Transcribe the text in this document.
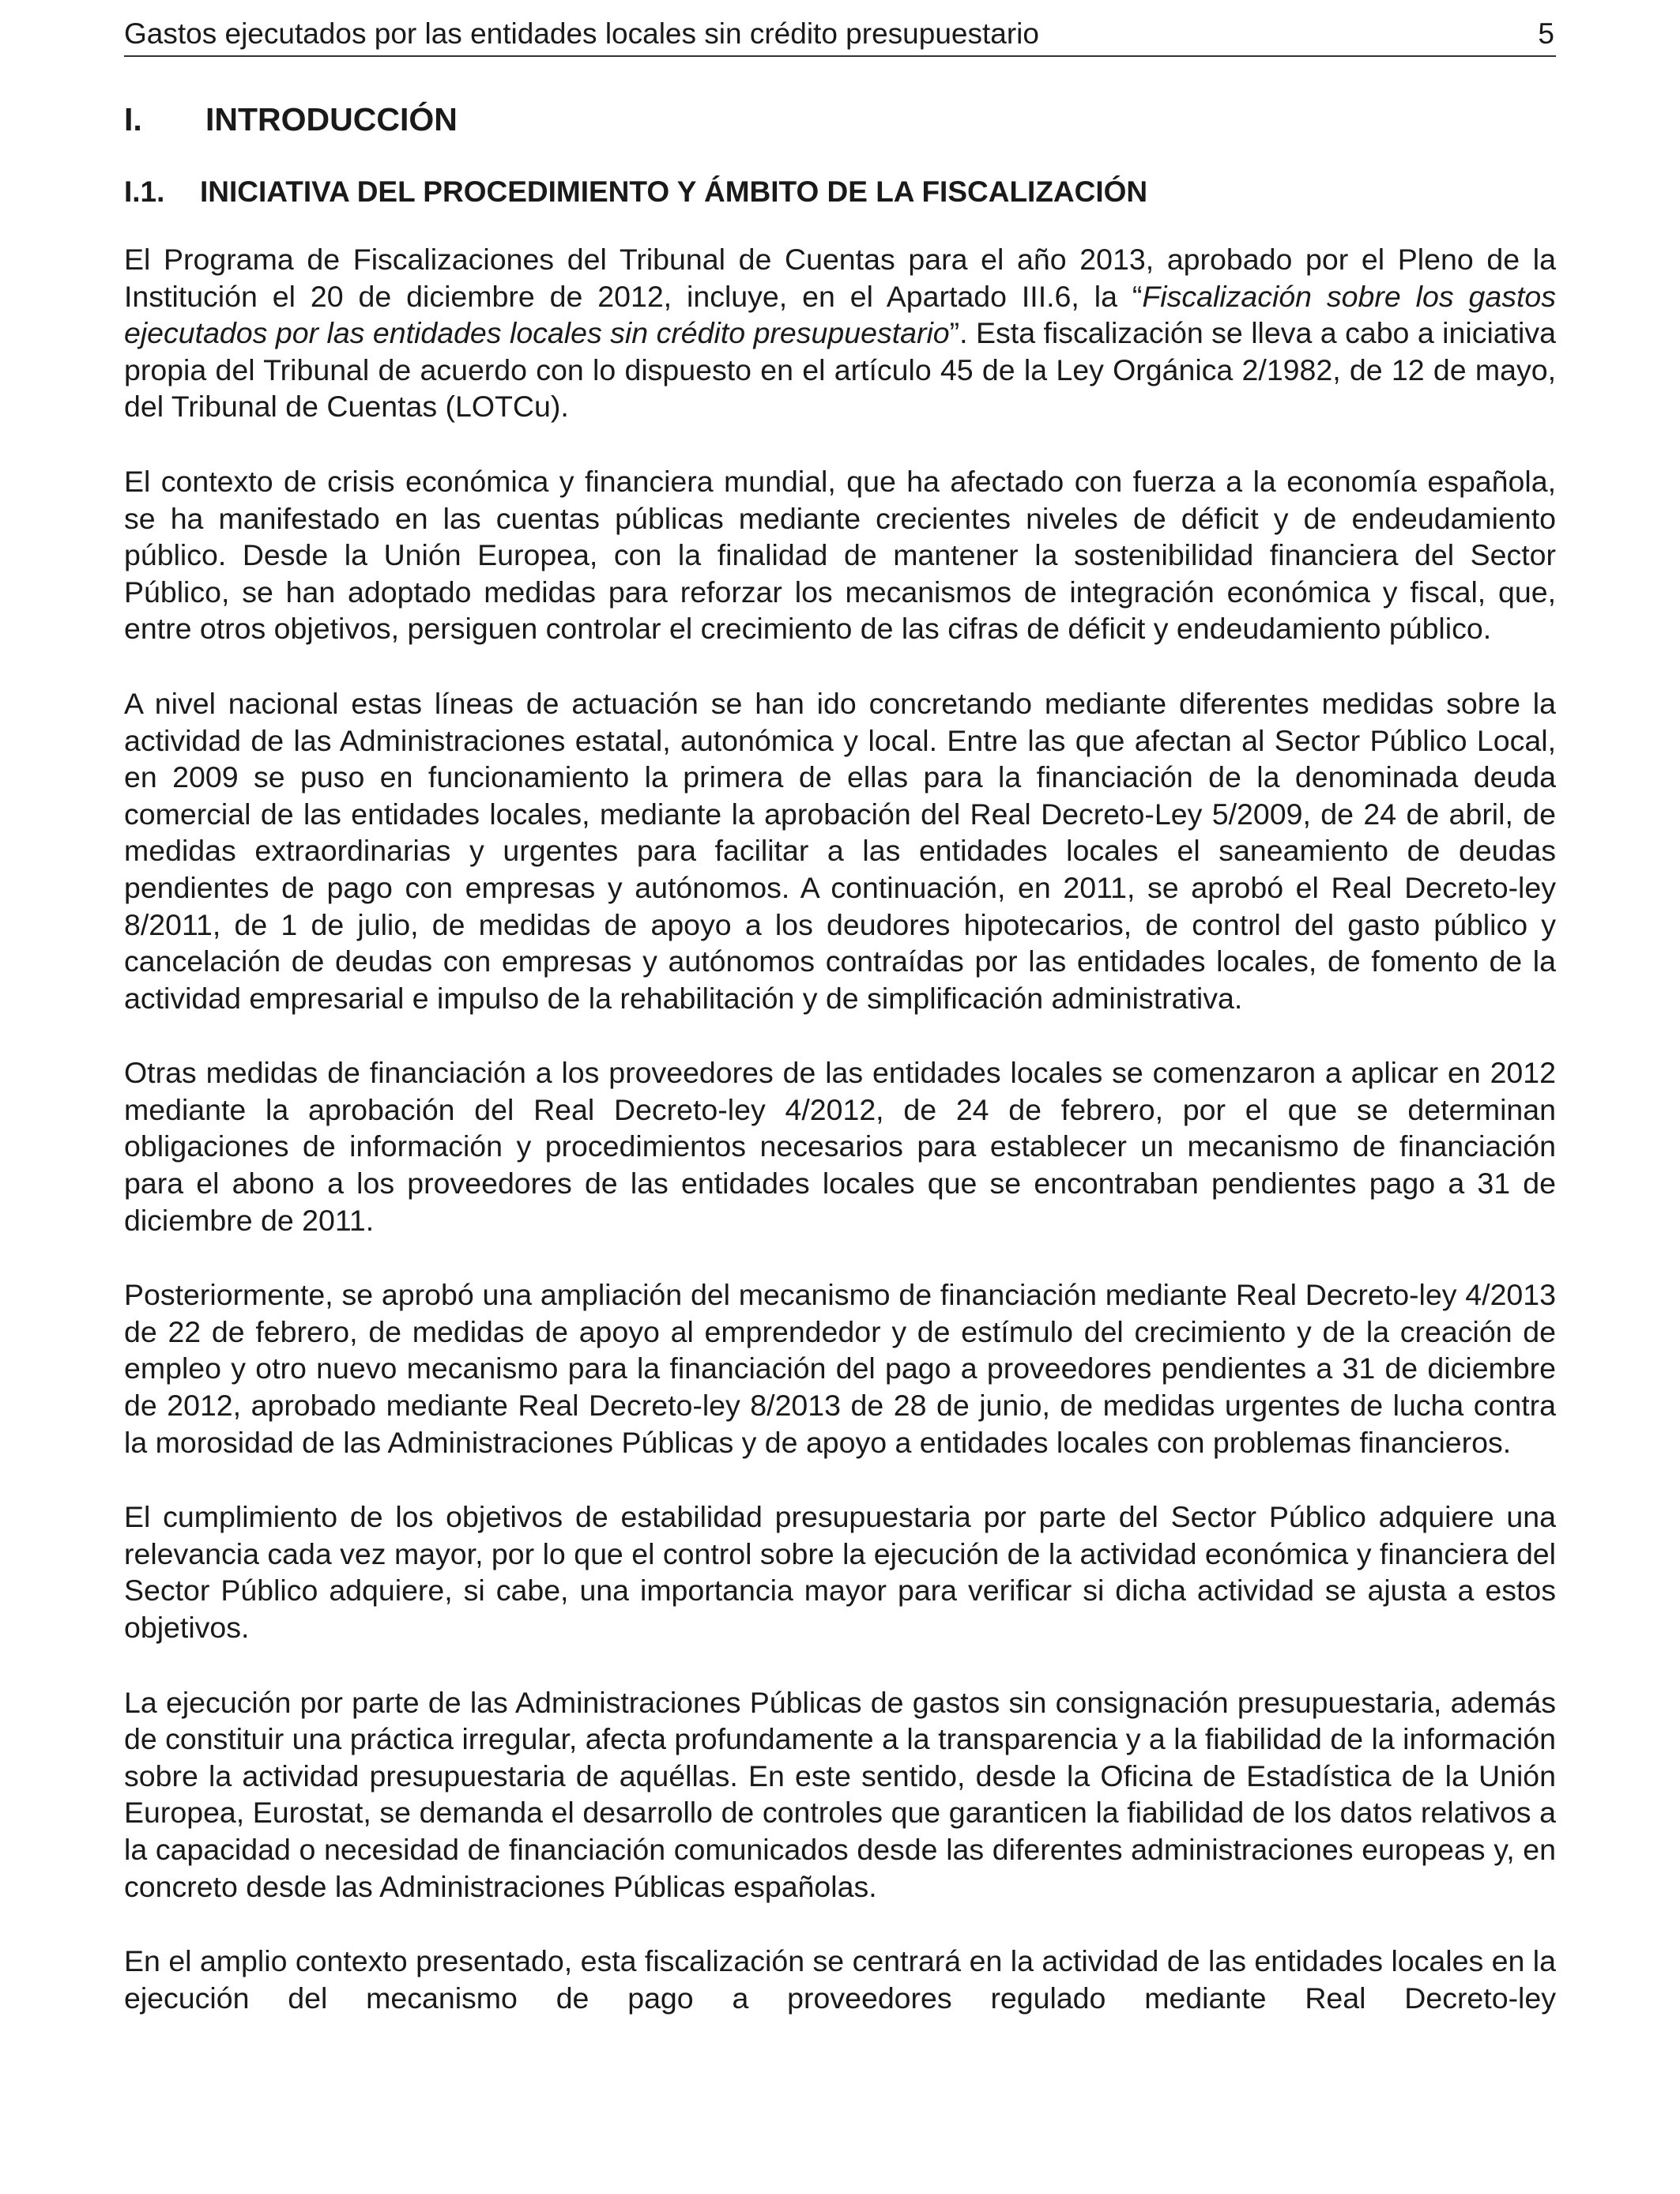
Gastos ejecutados por las entidades locales sin crédito presupuestario	5
I. INTRODUCCIÓN
I.1. INICIATIVA DEL PROCEDIMIENTO Y ÁMBITO DE LA FISCALIZACIÓN

El Programa de Fiscalizaciones del Tribunal de Cuentas para el año 2013, aprobado por el Pleno de la Institución el 20 de diciembre de 2012, incluye, en el Apartado III.6, la “Fiscalización sobre los gastos ejecutados por las entidades locales sin crédito presupuestario”. Esta fiscalización se lleva a cabo a iniciativa propia del Tribunal de acuerdo con lo dispuesto en el artículo 45 de la Ley Orgánica 2/1982, de 12 de mayo, del Tribunal de Cuentas (LOTCu).

El contexto de crisis económica y financiera mundial, que ha afectado con fuerza a la economía española, se ha manifestado en las cuentas públicas mediante crecientes niveles de déficit y de endeudamiento público. Desde la Unión Europea, con la finalidad de mantener la sostenibilidad financiera del Sector Público, se han adoptado medidas para reforzar los mecanismos de integración económica y fiscal, que, entre otros objetivos, persiguen controlar el crecimiento de las cifras de déficit y endeudamiento público.

A nivel nacional estas líneas de actuación se han ido concretando mediante diferentes medidas sobre la actividad de las Administraciones estatal, autonómica y local. Entre las que afectan al Sector Público Local, en 2009 se puso en funcionamiento la primera de ellas para la financiación de la denominada deuda comercial de las entidades locales, mediante la aprobación del Real Decreto-Ley 5/2009, de 24 de abril, de medidas extraordinarias y urgentes para facilitar a las entidades locales el saneamiento de deudas pendientes de pago con empresas y autónomos. A continuación, en 2011, se aprobó el Real Decreto-ley 8/2011, de 1 de julio, de medidas de apoyo a los deudores hipotecarios, de control del gasto público y cancelación de deudas con empresas y autónomos contraídas por las entidades locales, de fomento de la actividad empresarial e impulso de la rehabilitación y de simplificación administrativa.

Otras medidas de financiación a los proveedores de las entidades locales se comenzaron a aplicar en 2012 mediante la aprobación del Real Decreto-ley 4/2012, de 24 de febrero, por el que se determinan obligaciones de información y procedimientos necesarios para establecer un mecanismo de financiación para el abono a los proveedores de las entidades locales que se encontraban pendientes pago a 31 de diciembre de 2011.

Posteriormente, se aprobó una ampliación del mecanismo de financiación mediante Real Decreto-ley 4/2013 de 22 de febrero, de medidas de apoyo al emprendedor y de estímulo del crecimiento y de la creación de empleo y otro nuevo mecanismo para la financiación del pago a proveedores pendientes a 31 de diciembre de 2012, aprobado mediante Real Decreto-ley 8/2013 de 28 de junio, de medidas urgentes de lucha contra la morosidad de las Administraciones Públicas y de apoyo a entidades locales con problemas financieros.

El cumplimiento de los objetivos de estabilidad presupuestaria por parte del Sector Público adquiere una relevancia cada vez mayor, por lo que el control sobre la ejecución de la actividad económica y financiera del Sector Público adquiere, si cabe, una importancia mayor para verificar si dicha actividad se ajusta a estos objetivos.

La ejecución por parte de las Administraciones Públicas de gastos sin consignación presupuestaria, además de constituir una práctica irregular, afecta profundamente a la transparencia y a la fiabilidad de la información sobre la actividad presupuestaria de aquéllas. En este sentido, desde la Oficina de Estadística de la Unión Europea, Eurostat, se demanda el desarrollo de controles que garanticen la fiabilidad de los datos relativos a la capacidad o necesidad de financiación comunicados desde las diferentes administraciones europeas y, en concreto desde las Administraciones Públicas españolas.

En el amplio contexto presentado, esta fiscalización se centrará en la actividad de las entidades locales en la ejecución del mecanismo de pago a proveedores regulado mediante Real Decreto-ley
